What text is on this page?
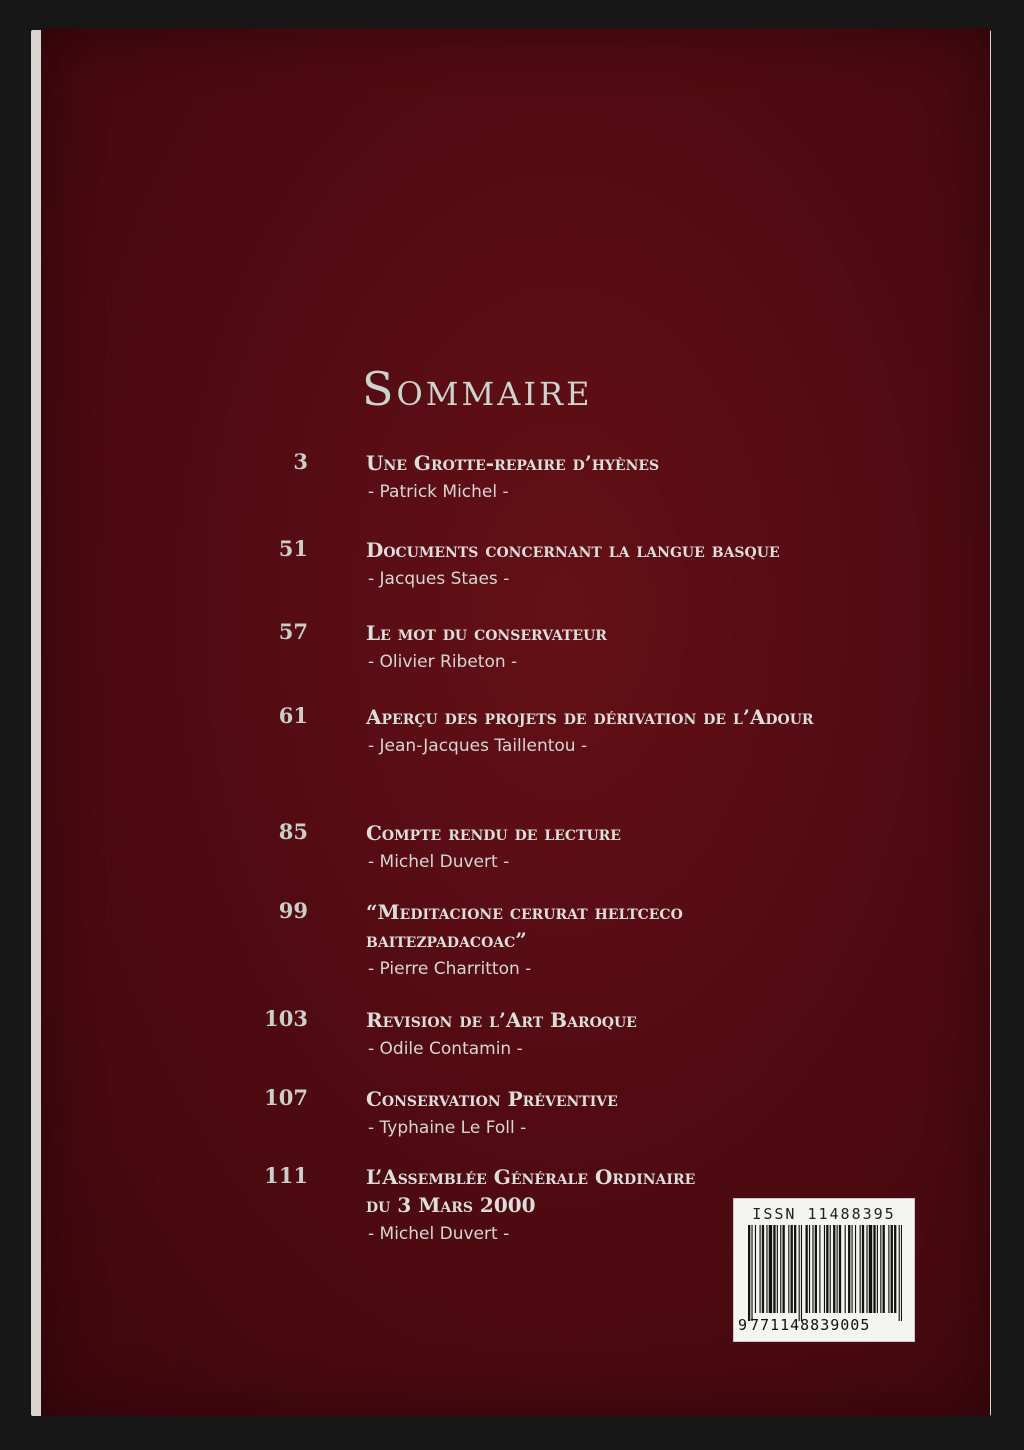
Sommaire
3	Une Grotte-repaire d’hyènes
- Patrick Michel -
51	Documents concernant la langue basque
- Jacques Staes -
57	Le mot du conservateur
- Olivier Ribeton -
61	Aperçu des projets de dérivation de l’Adour
- Jean-Jacques Taillentou -
85	Compte rendu de lecture
- Michel Duvert -
99	“Meditacione cerurat heltceco baitezpadacoac”
- Pierre Charritton -
103	Revision de l’Art Baroque
- Odile Contamin -
107	Conservation Préventive
- Typhaine Le Foll -
111	L’Assemblée Générale Ordinaire du 3 Mars 2000
- Michel Duvert -
ISSN 11488395
9 771148839005
